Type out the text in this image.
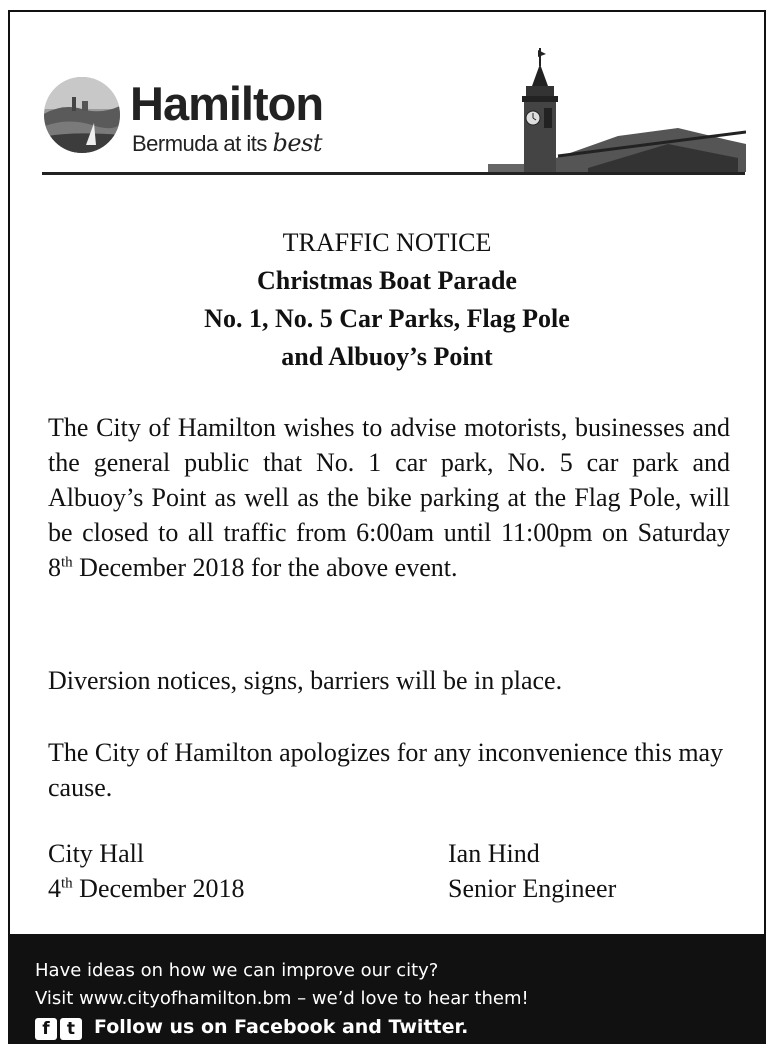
Hamilton
Bermuda at its best
TRAFFIC NOTICE
Christmas Boat Parade
No. 1, No. 5 Car Parks, Flag Pole
and Albuoy’s Point
The City of Hamilton wishes to advise motorists, businesses and the general public that No. 1 car park, No. 5 car park and Albuoy’s Point as well as the bike parking at the Flag Pole, will be closed to all traffic from 6:00am until 11:00pm on Saturday 8th December 2018 for the above event.
Diversion notices, signs, barriers will be in place.
The City of Hamilton apologizes for any inconvenience this may cause.
City Hall
4th December 2018
Ian Hind
Senior Engineer
Have ideas on how we can improve our city?
Visit www.cityofhamilton.bm – we’d love to hear them!
f	t Follow us on Facebook and Twitter.
